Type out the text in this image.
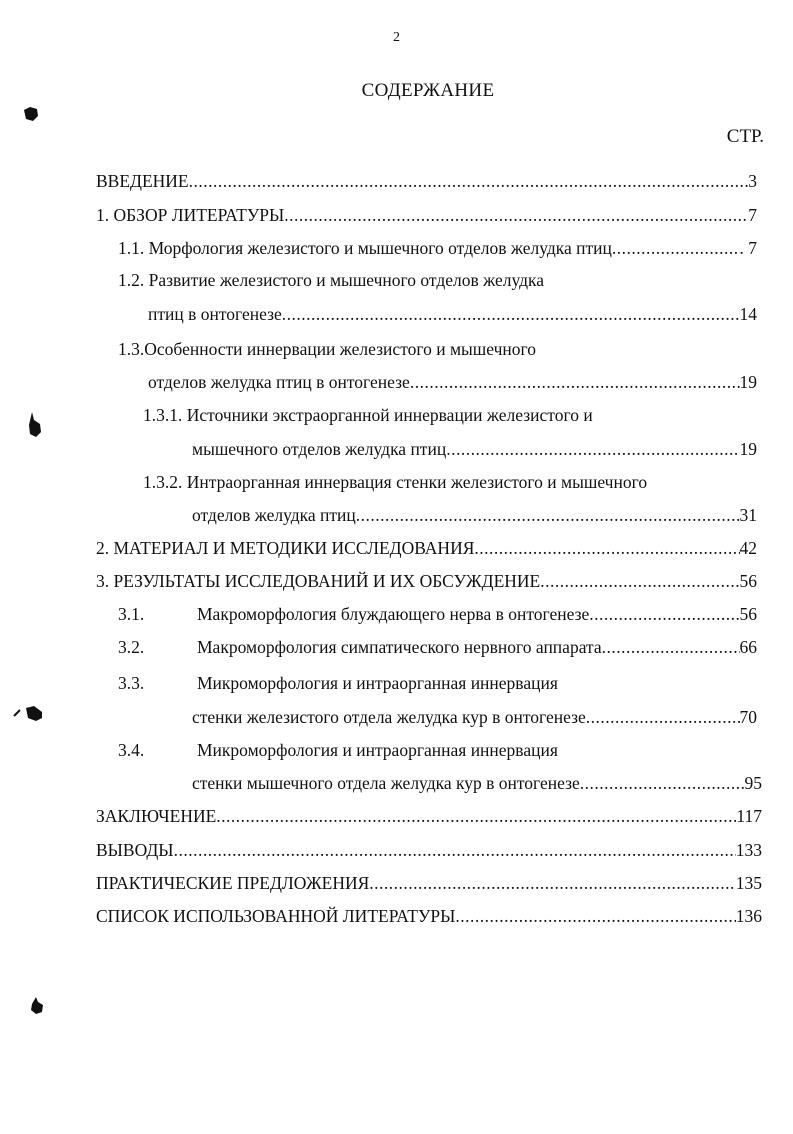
2
СОДЕРЖАНИЕ
СТР.
ВВЕДЕНИЕ .....	3
1. ОБЗОР ЛИТЕРАТУРЫ .....	7
1.1. Морфология железистого и мышечного отделов желудка птиц .....	. 7
1.2. Развитие железистого и мышечного отделов желудка
птиц в онтогенезе .....	14
1.3.Особенности иннервации железистого и мышечного
отделов желудка птиц в онтогенезе .....	19
1.3.1. Источники экстраорганной иннервации железистого и
мышечного отделов желудка птиц .....	19
1.3.2. Интраорганная иннервация стенки железистого и мышечного
отделов желудка птиц .....	31
2. МАТЕРИАЛ И МЕТОДИКИ ИССЛЕДОВАНИЯ .....	42
3. РЕЗУЛЬТАТЫ ИССЛЕДОВАНИЙ И ИХ ОБСУЖДЕНИЕ .....	56
3.1.	Макроморфология блуждающего нерва в онтогенезе .....	56
3.2.	Макроморфология симпатического нервного аппарата .....	66
3.3.	Микроморфология и интраорганная иннервация
стенки железистого отдела желудка кур в онтогенезе .....	70
3.4.	Микроморфология и интраорганная иннервация
стенки мышечного отдела желудка кур в онтогенезе .....	95
ЗАКЛЮЧЕНИЕ .....	117
ВЫВОДЫ .....	133
ПРАКТИЧЕСКИЕ ПРЕДЛОЖЕНИЯ .....	135
СПИСОК ИСПОЛЬЗОВАННОЙ ЛИТЕРАТУРЫ .....	136
